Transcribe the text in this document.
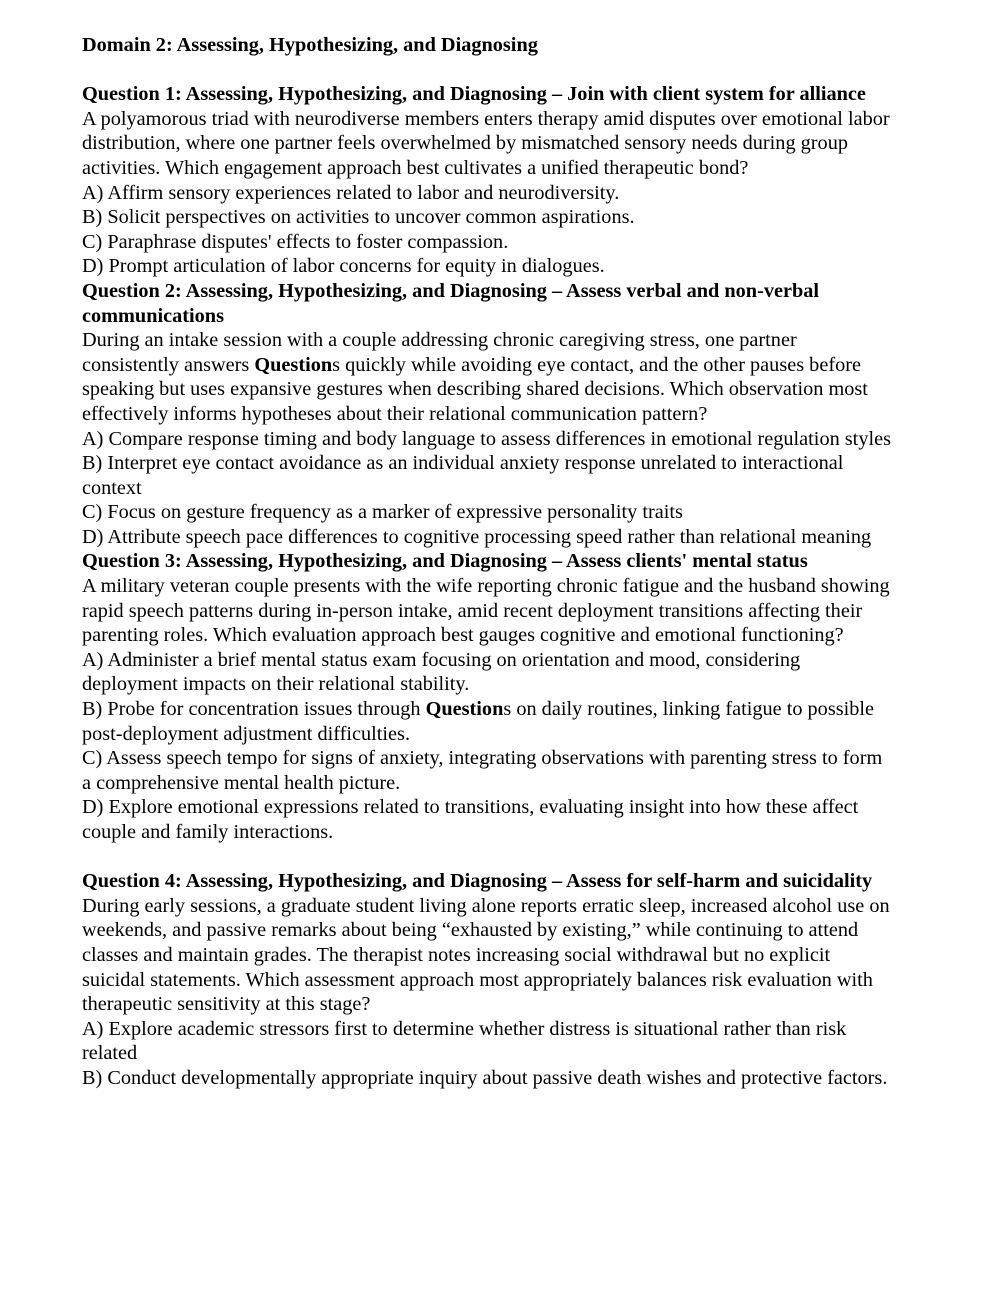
Domain 2: Assessing, Hypothesizing, and Diagnosing

Question 1: Assessing, Hypothesizing, and Diagnosing – Join with client system for alliance

A polyamorous triad with neurodiverse members enters therapy amid disputes over emotional labor distribution, where one partner feels overwhelmed by mismatched sensory needs during group activities. Which engagement approach best cultivates a unified therapeutic bond?

A) Affirm sensory experiences related to labor and neurodiversity.

B) Solicit perspectives on activities to uncover common aspirations.

C) Paraphrase disputes' effects to foster compassion.

D) Prompt articulation of labor concerns for equity in dialogues.

Question 2: Assessing, Hypothesizing, and Diagnosing – Assess verbal and non-verbal communications

During an intake session with a couple addressing chronic caregiving stress, one partner consistently answers Questions quickly while avoiding eye contact, and the other pauses before speaking but uses expansive gestures when describing shared decisions. Which observation most effectively informs hypotheses about their relational communication pattern?

A) Compare response timing and body language to assess differences in emotional regulation styles

B) Interpret eye contact avoidance as an individual anxiety response unrelated to interactional context

C) Focus on gesture frequency as a marker of expressive personality traits

D) Attribute speech pace differences to cognitive processing speed rather than relational meaning

Question 3: Assessing, Hypothesizing, and Diagnosing – Assess clients' mental status

A military veteran couple presents with the wife reporting chronic fatigue and the husband showing rapid speech patterns during in-person intake, amid recent deployment transitions affecting their parenting roles. Which evaluation approach best gauges cognitive and emotional functioning?

A) Administer a brief mental status exam focusing on orientation and mood, considering deployment impacts on their relational stability.

B) Probe for concentration issues through Questions on daily routines, linking fatigue to possible post-deployment adjustment difficulties.

C) Assess speech tempo for signs of anxiety, integrating observations with parenting stress to form a comprehensive mental health picture.

D) Explore emotional expressions related to transitions, evaluating insight into how these affect couple and family interactions.

Question 4: Assessing, Hypothesizing, and Diagnosing – Assess for self-harm and suicidality

During early sessions, a graduate student living alone reports erratic sleep, increased alcohol use on weekends, and passive remarks about being “exhausted by existing,” while continuing to attend classes and maintain grades. The therapist notes increasing social withdrawal but no explicit suicidal statements. Which assessment approach most appropriately balances risk evaluation with therapeutic sensitivity at this stage?

A) Explore academic stressors first to determine whether distress is situational rather than risk related

B) Conduct developmentally appropriate inquiry about passive death wishes and protective factors.
